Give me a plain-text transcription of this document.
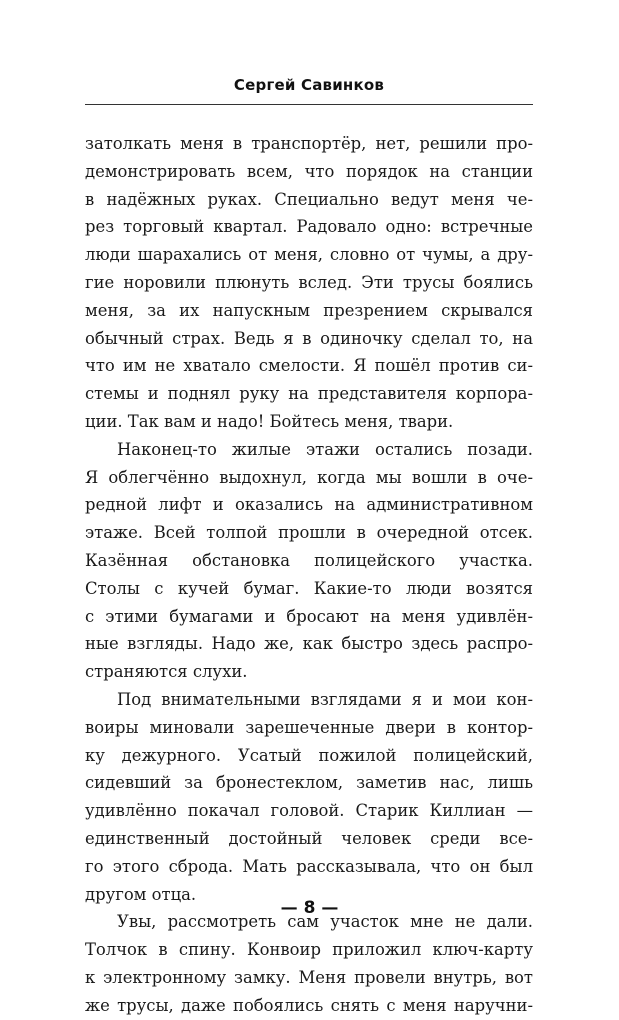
Сергей Савинков
затолкать меня в транспортёр, нет, решили про-
демонстрировать всем, что порядок на станции
в надёжных руках. Специально ведут меня че-
рез торговый квартал. Радовало одно: встречные
люди шарахались от меня, словно от чумы, а дру-
гие норовили плюнуть вслед. Эти трусы боялись
меня, за их напускным презрением скрывался
обычный страх. Ведь я в одиночку сделал то, на
что им не хватало смелости. Я пошёл против си-
стемы и поднял руку на представителя корпора-
ции. Так вам и надо! Бойтесь меня, твари.
Наконец-то жилые этажи остались позади.
Я облегчённо выдохнул, когда мы вошли в оче-
редной лифт и оказались на административном
этаже. Всей толпой прошли в очередной отсек.
Казённая обстановка полицейского участка.
Столы с кучей бумаг. Какие-то люди возятся
с этими бумагами и бросают на меня удивлён-
ные взгляды. Надо же, как быстро здесь распро-
страняются слухи.
Под внимательными взглядами я и мои кон-
воиры миновали зарешеченные двери в контор-
ку дежурного. Усатый пожилой полицейский,
сидевший за бронестеклом, заметив нас, лишь
удивлённо покачал головой. Старик Киллиан —
единственный достойный человек среди все-
го этого сброда. Мать рассказывала, что он был
другом отца.
Увы, рассмотреть сам участок мне не дали.
Толчок в спину. Конвоир приложил ключ-карту
к электронному замку. Меня провели внутрь, вот
же трусы, даже побоялись снять с меня наручни-
— 8 —
